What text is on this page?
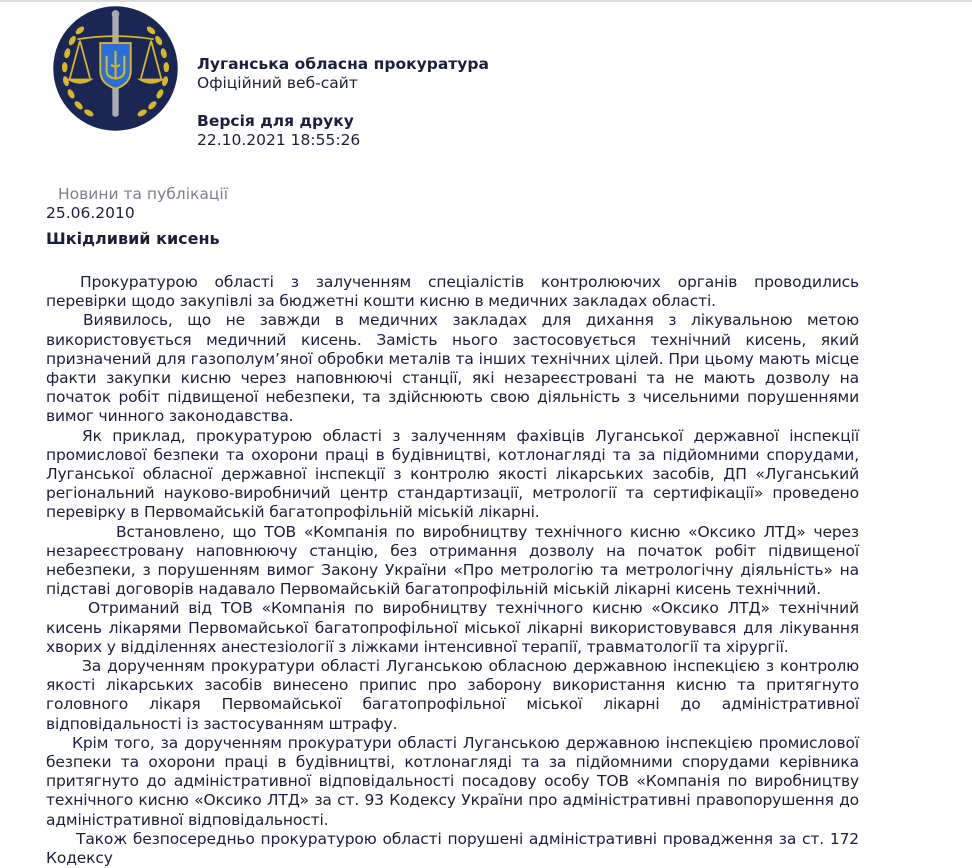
Луганська обласна прокуратура
Офіційний веб-сайт
Версія для друку
22.10.2021 18:55:26
Новини та публікації
25.06.2010
Шкідливий кисень

Прокуратурою області з залученням спеціалістів контролюючих органів проводились перевірки щодо закупівлі за бюджетні кошти кисню в медичних закладах області.

Виявилось, що не завжди в медичних закладах для дихання з лікувальною метою використовується медичний кисень. Замість нього застосовується технічний кисень, який призначений для газополум’яної обробки металів та інших технічних цілей. При цьому мають місце факти закупки кисню через наповнюючі станції, які незареєстровані та не мають дозволу на початок робіт підвищеної небезпеки, та здійснюють свою діяльність з чисельними порушеннями вимог чинного законодавства.

Як приклад, прокуратурою області з залученням фахівців Луганської державної інспекції промислової безпеки та охорони праці в будівництві, котлонагляді та за підйомними спорудами, Луганської обласної державної інспекції з контролю якості лікарських засобів, ДП «Луганський регіональний науково-виробничий центр стандартизації, метрології та сертифікації» проведено перевірку в Первомайській багатопрофільній міській лікарні.

Встановлено, що ТОВ «Компанія по виробництву технічного кисню «Оксико ЛТД» через незареєстровану наповнюючу станцію, без отримання дозволу на початок робіт підвищеної небезпеки, з порушенням вимог Закону України «Про метрологію та метрологічну діяльність» на підставі договорів надавало Первомайській багатопрофільній міській лікарні кисень технічний.

Отриманий від ТОВ «Компанія по виробництву технічного кисню «Оксико ЛТД» технічний кисень лікарями Первомайської багатопрофільної міської лікарні використовувався для лікування хворих у відділеннях анестезіології з ліжками інтенсивної терапії, травматології та хірургії.

За дорученням прокуратури області Луганською обласною державною інспекцією з контролю якості лікарських засобів винесено припис про заборону використання кисню та притягнуто головного лікаря Первомайської багатопрофільної міської лікарні до адміністративної відповідальності із застосуванням штрафу.

Крім того, за дорученням прокуратури області Луганською державною інспекцією промислової безпеки та охорони праці в будівництві, котлонагляді та за підйомними спорудами керівника притягнуто до адміністративної відповідальності посадову особу ТОВ «Компанія по виробництву технічного кисню «Оксико ЛТД» за ст. 93 Кодексу України про адміністративні правопорушення до адміністративної відповідальності.

Також безпосередньо прокуратурою області порушені адміністративні провадження за ст. 172 Кодексу
